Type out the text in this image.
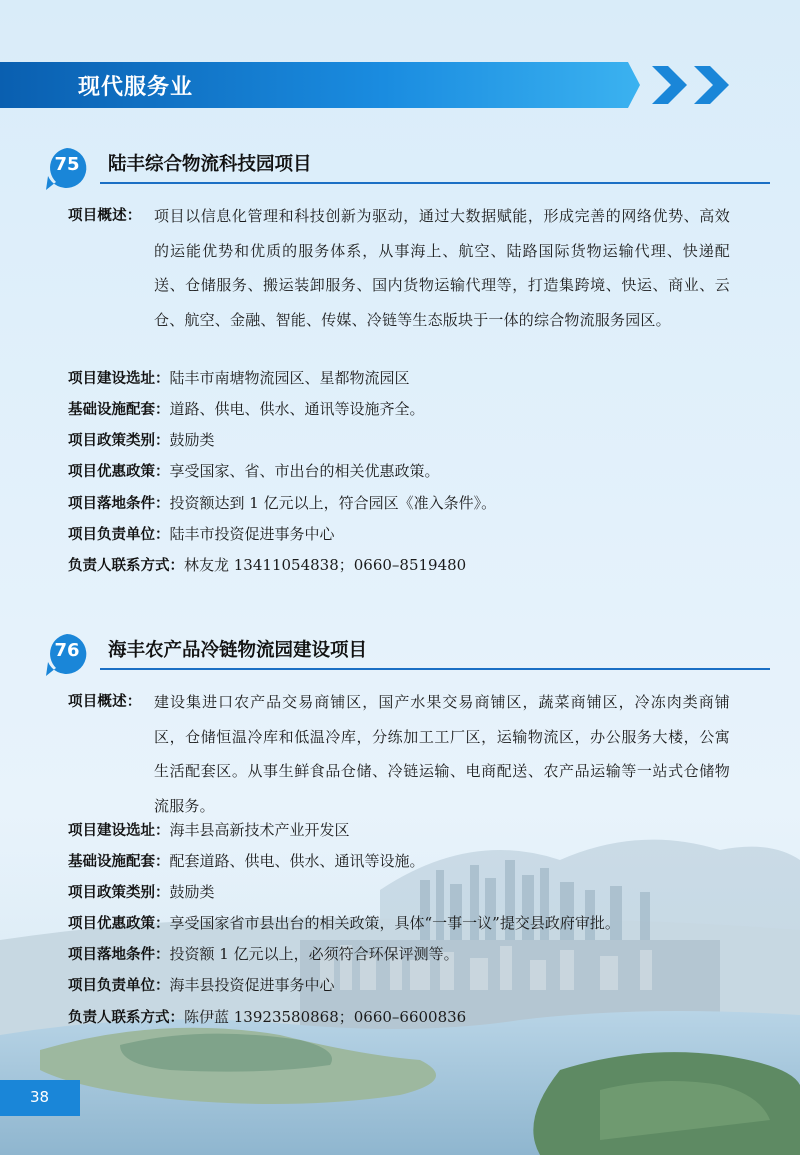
现代服务业
75	陆丰综合物流科技园项目
项目概述： 项目以信息化管理和科技创新为驱动，通过大数据赋能，形成完善的网络优势、高效的运能优势和优质的服务体系，从事海上、航空、陆路国际货物运输代理、快递配送、仓储服务、搬运装卸服务、国内货物运输代理等，打造集跨境、快运、商业、云仓、航空、金融、智能、传媒、冷链等生态版块于一体的综合物流服务园区。
项目建设选址：陆丰市南塘物流园区、星都物流园区
基础设施配套：道路、供电、供水、通讯等设施齐全。
项目政策类别：鼓励类
项目优惠政策：享受国家、省、市出台的相关优惠政策。
项目落地条件：投资额达到 1 亿元以上，符合园区《准入条件》。
项目负责单位：陆丰市投资促进事务中心
负责人联系方式：林友龙 13411054838；0660–8519480
76	海丰农产品冷链物流园建设项目
项目概述： 建设集进口农产品交易商铺区，国产水果交易商铺区，蔬菜商铺区，冷冻肉类商铺区，仓储恒温冷库和低温冷库，分练加工工厂区，运输物流区，办公服务大楼，公寓生活配套区。从事生鲜食品仓储、冷链运输、电商配送、农产品运输等一站式仓储物流服务。
项目建设选址：海丰县高新技术产业开发区
基础设施配套：配套道路、供电、供水、通讯等设施。
项目政策类别：鼓励类
项目优惠政策：享受国家省市县出台的相关政策，具体“一事一议”提交县政府审批。
项目落地条件：投资额 1 亿元以上，必须符合环保评测等。
项目负责单位：海丰县投资促进事务中心
负责人联系方式：陈伊蓝 13923580868；0660–6600836
38
